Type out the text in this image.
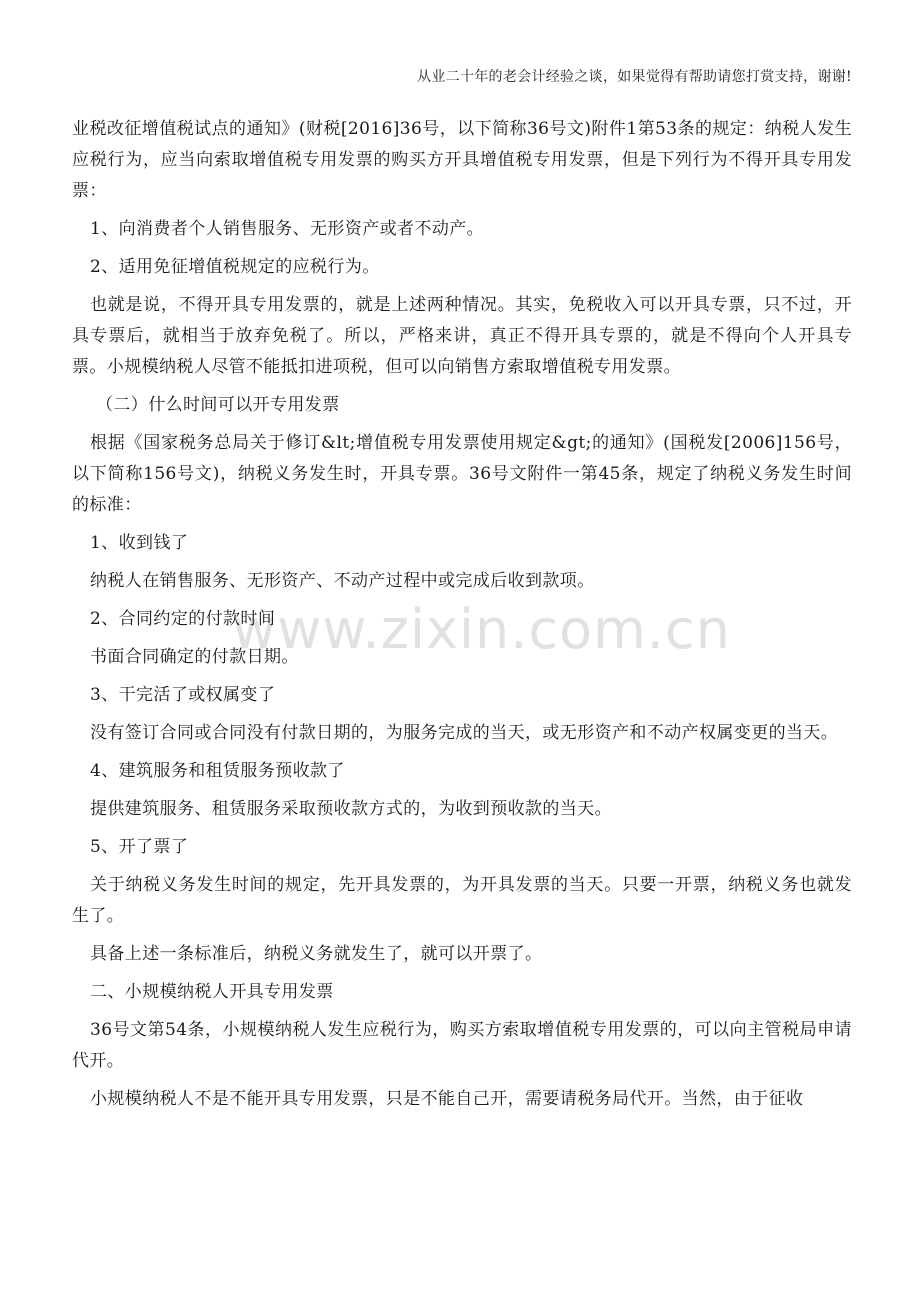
从业二十年的老会计经验之谈，如果觉得有帮助请您打赏支持，谢谢!
www.zixin.com.cn

业税改征增值税试点的通知》(财税[2016]36号，以下简称36号文)附件1第53条的规定：纳税人发生应税行为，应当向索取增值税专用发票的购买方开具增值税专用发票，但是下列行为不得开具专用发票：

1、向消费者个人销售服务、无形资产或者不动产。

2、适用免征增值税规定的应税行为。

也就是说，不得开具专用发票的，就是上述两种情况。其实，免税收入可以开具专票，只不过，开具专票后，就相当于放弃免税了。所以，严格来讲，真正不得开具专票的，就是不得向个人开具专票。小规模纳税人尽管不能抵扣进项税，但可以向销售方索取增值税专用发票。

（二）什么时间可以开专用发票

根据《国家税务总局关于修订&lt;增值税专用发票使用规定&gt;的通知》(国税发[2006]156号，以下简称156号文)，纳税义务发生时，开具专票。36号文附件一第45条，规定了纳税义务发生时间的标准：

1、收到钱了

纳税人在销售服务、无形资产、不动产过程中或完成后收到款项。

2、合同约定的付款时间

书面合同确定的付款日期。

3、干完活了或权属变了

没有签订合同或合同没有付款日期的，为服务完成的当天，或无形资产和不动产权属变更的当天。

4、建筑服务和租赁服务预收款了

提供建筑服务、租赁服务采取预收款方式的，为收到预收款的当天。

5、开了票了

关于纳税义务发生时间的规定，先开具发票的，为开具发票的当天。只要一开票，纳税义务也就发生了。

具备上述一条标准后，纳税义务就发生了，就可以开票了。

二、小规模纳税人开具专用发票

36号文第54条，小规模纳税人发生应税行为，购买方索取增值税专用发票的，可以向主管税局申请代开。

小规模纳税人不是不能开具专用发票，只是不能自己开，需要请税务局代开。当然，由于征收
